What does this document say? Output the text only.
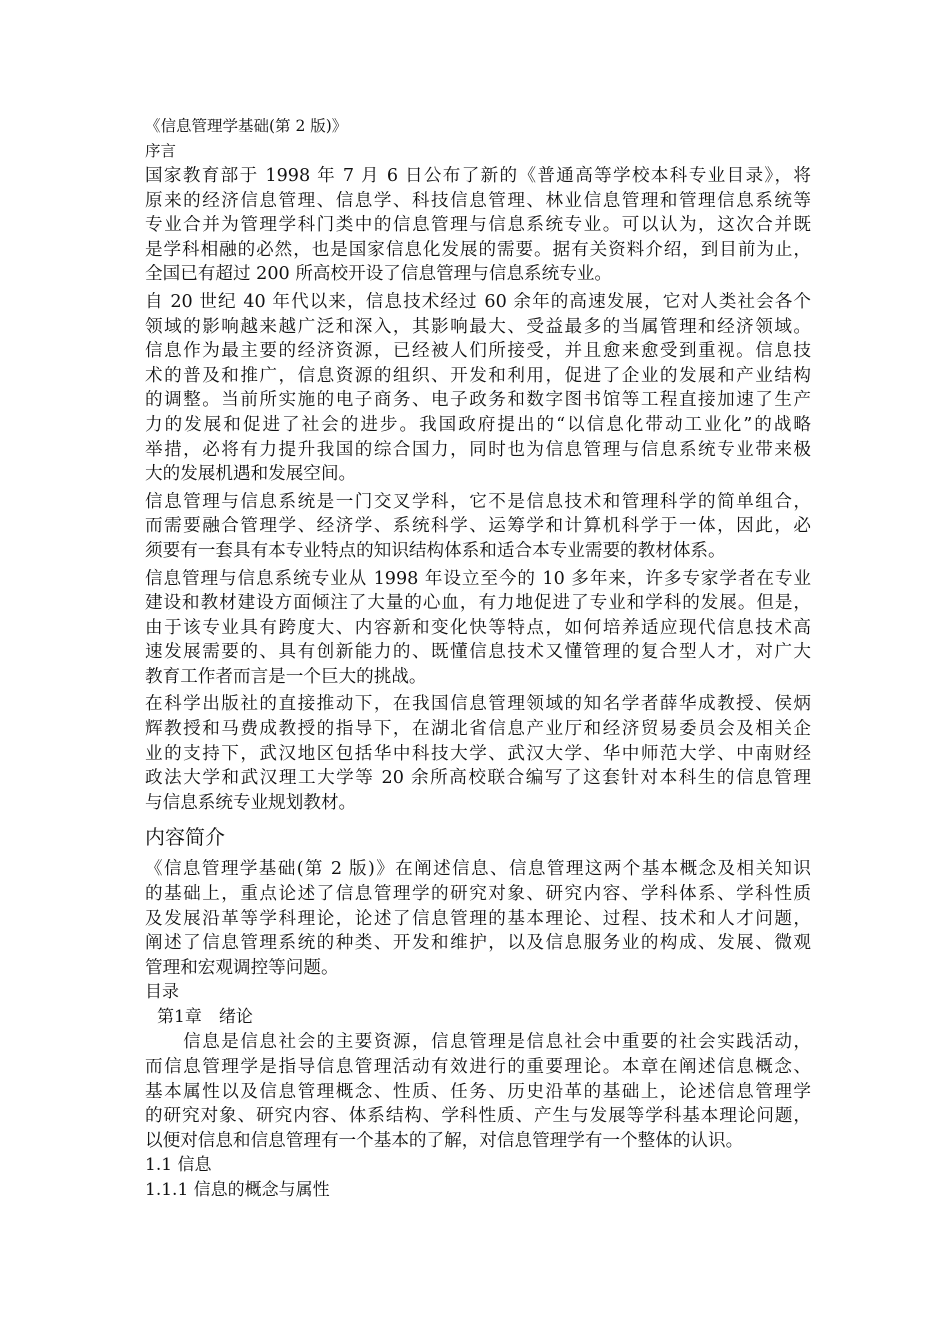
《信息管理学基础(第 2 版)》
序言
国家教育部于 1998 年 7 月 6 日公布了新的《普通高等学校本科专业目录》，将
原来的经济信息管理、信息学、科技信息管理、林业信息管理和管理信息系统等
专业合并为管理学科门类中的信息管理与信息系统专业。可以认为，这次合并既
是学科相融的必然，也是国家信息化发展的需要。据有关资料介绍，到目前为止，
全国已有超过 200 所高校开设了信息管理与信息系统专业。
自 20 世纪 40 年代以来，信息技术经过 60 余年的高速发展，它对人类社会各个
领域的影响越来越广泛和深入，其影响最大、受益最多的当属管理和经济领域。
信息作为最主要的经济资源，已经被人们所接受，并且愈来愈受到重视。信息技
术的普及和推广，信息资源的组织、开发和利用，促进了企业的发展和产业结构
的调整。当前所实施的电子商务、电子政务和数字图书馆等工程直接加速了生产
力的发展和促进了社会的进步。我国政府提出的“以信息化带动工业化”的战略
举措，必将有力提升我国的综合国力，同时也为信息管理与信息系统专业带来极
大的发展机遇和发展空间。
信息管理与信息系统是一门交叉学科，它不是信息技术和管理科学的简单组合，
而需要融合管理学、经济学、系统科学、运筹学和计算机科学于一体，因此，必
须要有一套具有本专业特点的知识结构体系和适合本专业需要的教材体系。
信息管理与信息系统专业从 1998 年设立至今的 10 多年来，许多专家学者在专业
建设和教材建设方面倾注了大量的心血，有力地促进了专业和学科的发展。但是，
由于该专业具有跨度大、内容新和变化快等特点，如何培养适应现代信息技术高
速发展需要的、具有创新能力的、既懂信息技术又懂管理的复合型人才，对广大
教育工作者而言是一个巨大的挑战。
在科学出版社的直接推动下，在我国信息管理领域的知名学者薛华成教授、侯炳
辉教授和马费成教授的指导下，在湖北省信息产业厅和经济贸易委员会及相关企
业的支持下，武汉地区包括华中科技大学、武汉大学、华中师范大学、中南财经
政法大学和武汉理工大学等 20 余所高校联合编写了这套针对本科生的信息管理
与信息系统专业规划教材。
内容简介
《信息管理学基础(第 2 版)》在阐述信息、信息管理这两个基本概念及相关知识
的基础上，重点论述了信息管理学的研究对象、研究内容、学科体系、学科性质
及发展沿革等学科理论，论述了信息管理的基本理论、过程、技术和人才问题，
阐述了信息管理系统的种类、开发和维护，以及信息服务业的构成、发展、微观
管理和宏观调控等问题。
目录
第1章　绪论
　　信息是信息社会的主要资源，信息管理是信息社会中重要的社会实践活动，
而信息管理学是指导信息管理活动有效进行的重要理论。本章在阐述信息概念、
基本属性以及信息管理概念、性质、任务、历史沿革的基础上，论述信息管理学
的研究对象、研究内容、体系结构、学科性质、产生与发展等学科基本理论问题，
以便对信息和信息管理有一个基本的了解，对信息管理学有一个整体的认识。
1.1 信息
1.1.1 信息的概念与属性
